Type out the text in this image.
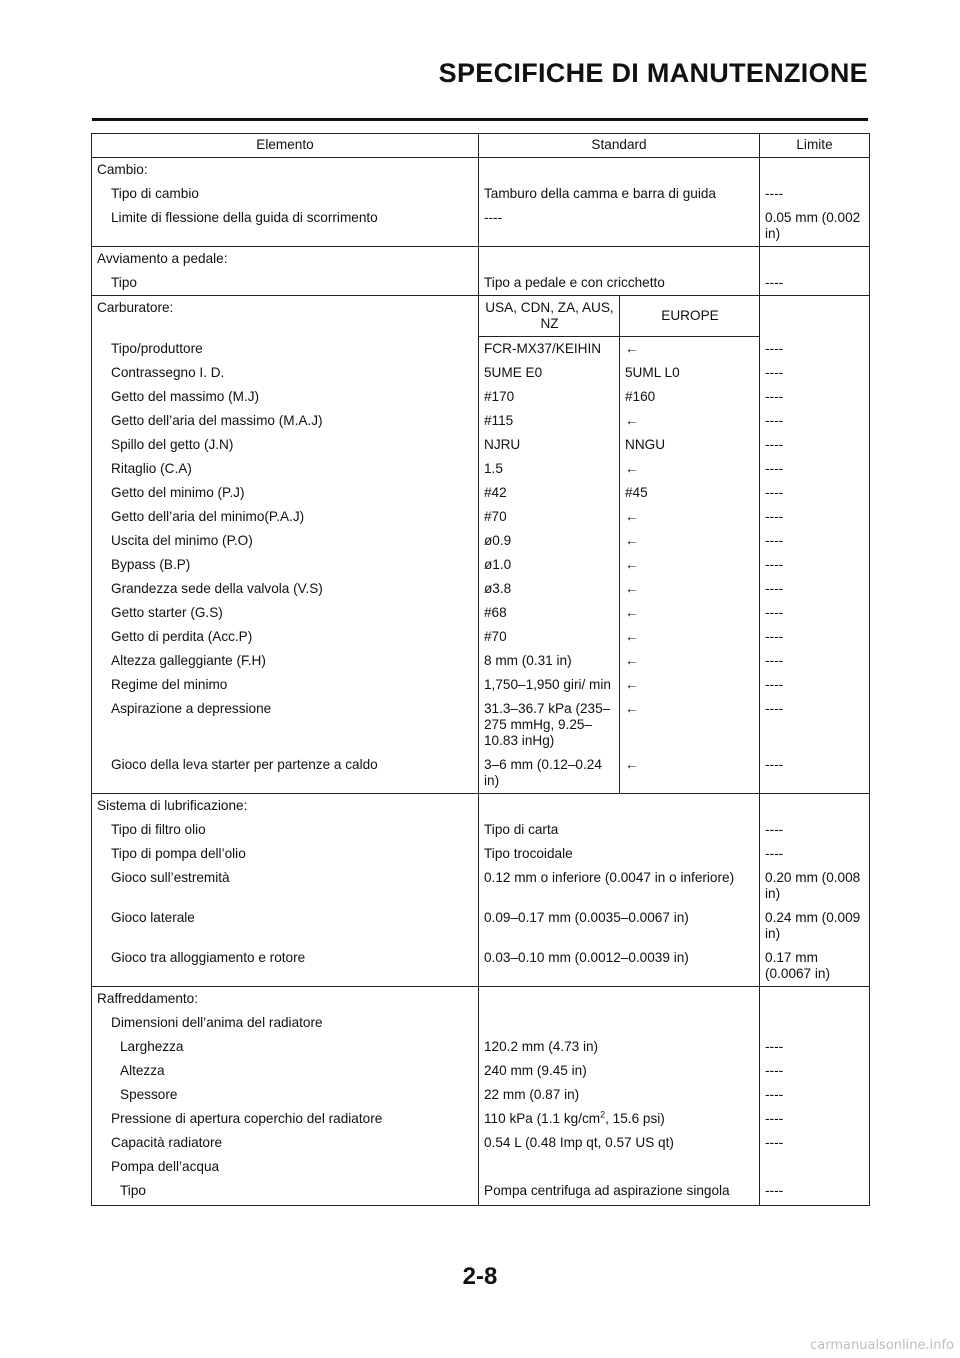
SPECIFICHE DI MANUTENZIONE
Elemento	Standard		Limite
Cambio:			
Tipo di cambio	Tamburo della camma e barra di guida		----
Limite di flessione della guida di scorrimento	----		0.05 mm (0.002 in)
Avviamento a pedale:			
Tipo	Tipo a pedale e con cricchetto		----
Carburatore:	USA, CDN, ZA, AUS, NZ	EUROPE	
Tipo/produttore	FCR-MX37/KEIHIN	←	----
Contrassegno I. D.	5UME E0	5UML L0	----
Getto del massimo (M.J)	#170	#160	----
Getto dell’aria del massimo (M.A.J)	#115	←	----
Spillo del getto (J.N)	NJRU	NNGU	----
Ritaglio (C.A)	1.5	←	----
Getto del minimo (P.J)	#42	#45	----
Getto dell’aria del minimo(P.A.J)	#70	←	----
Uscita del minimo (P.O)	ø0.9	←	----
Bypass (B.P)	ø1.0	←	----
Grandezza sede della valvola (V.S)	ø3.8	←	----
Getto starter (G.S)	#68	←	----
Getto di perdita (Acc.P)	#70	←	----
Altezza galleggiante (F.H)	8 mm (0.31 in)	←	----
Regime del minimo	1,750–1,950 giri/ min	←	----
Aspirazione a depressione	31.3–36.7 kPa (235–275 mmHg, 9.25–10.83 inHg)	←	----
Gioco della leva starter per partenze a caldo	3–6 mm (0.12–0.24 in)	←	----
Sistema di lubrificazione:			
Tipo di filtro olio	Tipo di carta		----
Tipo di pompa dell’olio	Tipo trocoidale		----
Gioco sull’estremità	0.12 mm o inferiore (0.0047 in o inferiore)		0.20 mm (0.008 in)
Gioco laterale	0.09–0.17 mm (0.0035–0.0067 in)		0.24 mm (0.009 in)
Gioco tra alloggiamento e rotore	0.03–0.10 mm (0.0012–0.0039 in)		0.17 mm (0.0067 in)
Raffreddamento:			
Dimensioni dell’anima del radiatore			
Larghezza	120.2 mm (4.73 in)		----
Altezza	240 mm (9.45 in)		----
Spessore	22 mm (0.87 in)		----
Pressione di apertura coperchio del radiatore	110 kPa (1.1 $kg/cm^2$, 15.6 psi)		----
Capacità radiatore	0.54 L (0.48 Imp qt, 0.57 US qt)		----
Pompa dell’acqua			
Tipo	Pompa centrifuga ad aspirazione singola		----
2-8
carmanualsonline.info
